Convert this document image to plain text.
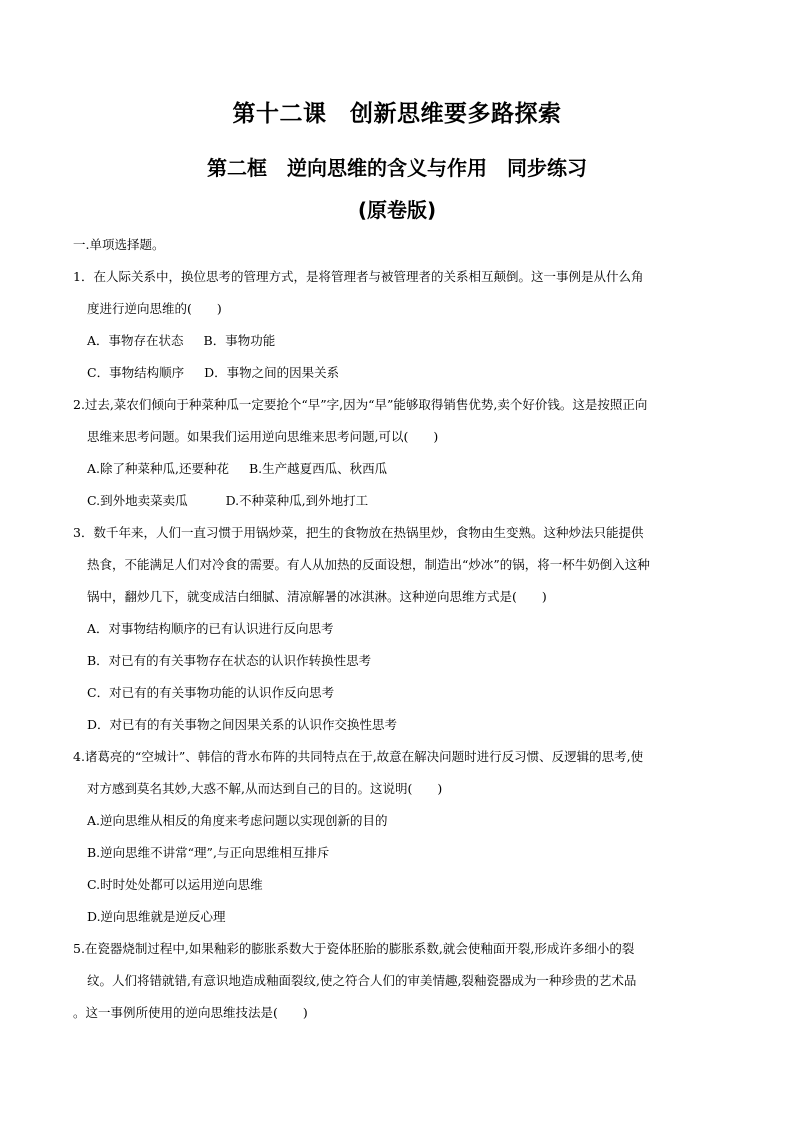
第十二课　创新思维要多路探索
第二框　逆向思维的含义与作用　同步练习
(原卷版)
一.单项选择题。
1．在人际关系中，换位思考的管理方式，是将管理者与被管理者的关系相互颠倒。这一事例是从什么角
度进行逆向思维的(　　)
A．事物存在状态 B．事物功能
C．事物结构顺序 D．事物之间的因果关系
2.过去,菜农们倾向于种菜种瓜一定要抢个“早”字,因为“早”能够取得销售优势,卖个好价钱。这是按照正向
思维来思考问题。如果我们运用逆向思维来思考问题,可以(　　)
A.除了种菜种瓜,还要种花 B.生产越夏西瓜、秋西瓜
C.到外地卖菜卖瓜	D.不种菜种瓜,到外地打工
3．数千年来，人们一直习惯于用锅炒菜，把生的食物放在热锅里炒，食物由生变熟。这种炒法只能提供
热食，不能满足人们对冷食的需要。有人从加热的反面设想，制造出“炒冰”的锅，将一杯牛奶倒入这种
锅中，翻炒几下，就变成洁白细腻、清凉解暑的冰淇淋。这种逆向思维方式是(　　)
A．对事物结构顺序的已有认识进行反向思考
B．对已有的有关事物存在状态的认识作转换性思考
C．对已有的有关事物功能的认识作反向思考
D．对已有的有关事物之间因果关系的认识作交换性思考
4.诸葛亮的“空城计”、韩信的背水布阵的共同特点在于,故意在解决问题时进行反习惯、反逻辑的思考,使
对方感到莫名其妙,大惑不解,从而达到自己的目的。这说明(　　)
A.逆向思维从相反的角度来考虑问题以实现创新的目的
B.逆向思维不讲常“理”,与正向思维相互排斥
C.时时处处都可以运用逆向思维
D.逆向思维就是逆反心理
5.在瓷器烧制过程中,如果釉彩的膨胀系数大于瓷体胚胎的膨胀系数,就会使釉面开裂,形成许多细小的裂
纹。人们将错就错,有意识地造成釉面裂纹,使之符合人们的审美情趣,裂釉瓷器成为一种珍贵的艺术品
。这一事例所使用的逆向思维技法是(　　)
